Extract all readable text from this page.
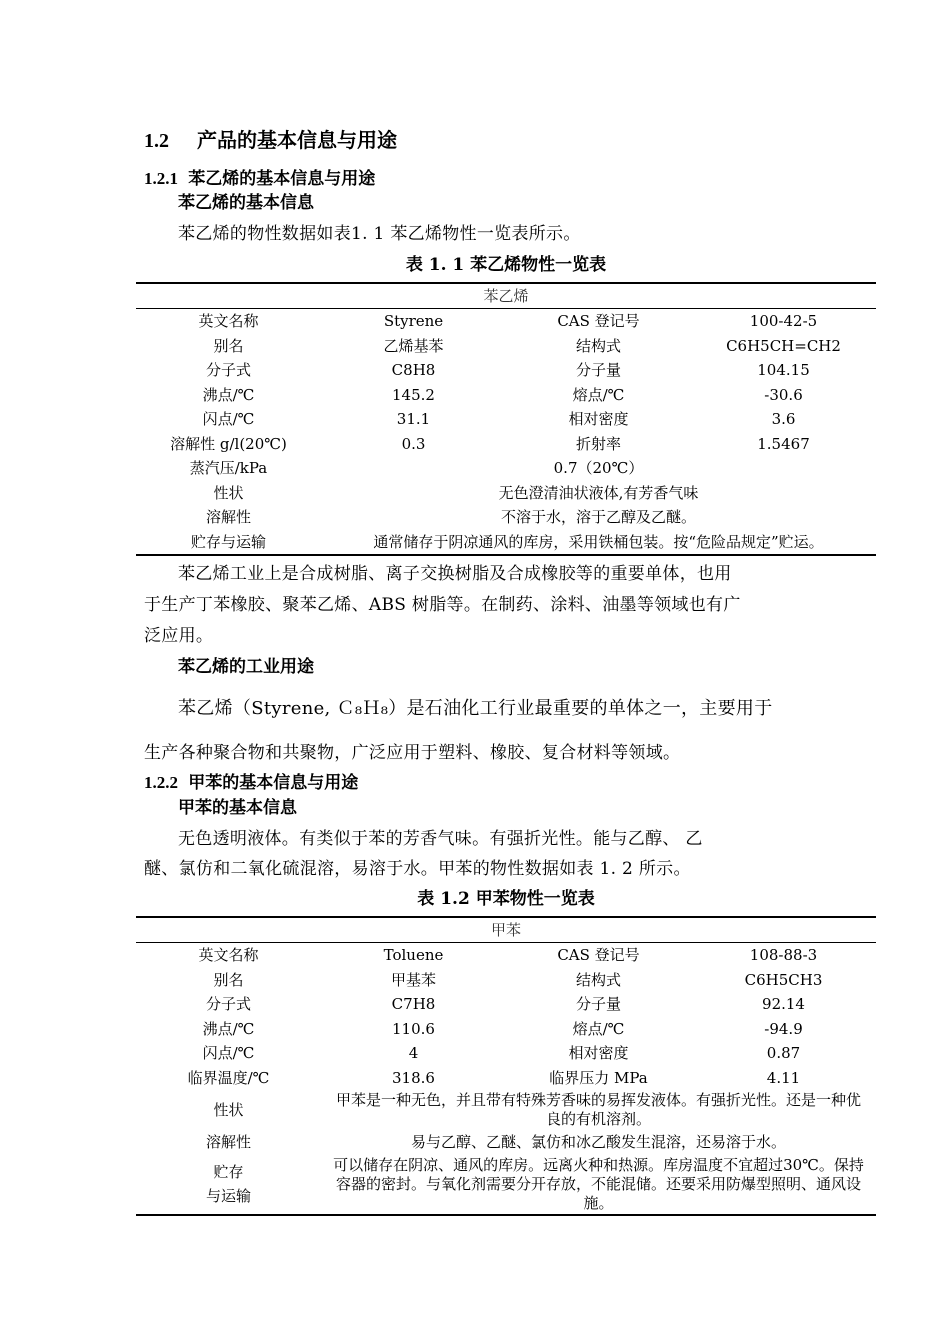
1.2 产品的基本信息与用途
1.2.1 苯乙烯的基本信息与用途
苯乙烯的基本信息
苯乙烯的物性数据如表1. 1 苯乙烯物性一览表所示。
表 1. 1 苯乙烯物性一览表
苯乙烯			
英文名称	Styrene	CAS 登记号	100-42-5
别名	乙烯基苯	结构式	C6H5CH=CH2
分子式	C8H8	分子量	104.15
沸点/℃	145.2	熔点/℃	-30.6
闪点/℃	31.1	相对密度	3.6
溶解性 g/l(20℃)	0.3	折射率	1.5467
蒸汽压/kPa	0.7（20℃）		
性状	无色澄清油状液体,有芳香气味		
溶解性	不溶于水，溶于乙醇及乙醚。		
贮存与运输	通常储存于阴凉通风的库房，采用铁桶包装。按“危险品规定”贮运。		
苯乙烯工业上是合成树脂、离子交换树脂及合成橡胶等的重要单体，也用
于生产丁苯橡胶、聚苯乙烯、ABS 树脂等。在制药、涂料、油墨等领域也有广
泛应用。
苯乙烯的工业用途
苯乙烯（Styrene, Ｃ₈Ｈ₈）是石油化工行业最重要的单体之一，主要用于
生产各种聚合物和共聚物，广泛应用于塑料、橡胶、复合材料等领域。
1.2.2 甲苯的基本信息与用途
甲苯的基本信息
无色透明液体。有类似于苯的芳香气味。有强折光性。能与乙醇、 乙
醚、氯仿和二氧化硫混溶，易溶于水。甲苯的物性数据如表 1. 2 所示。
表 1.2 甲苯物性一览表
甲苯			
英文名称	Toluene	CAS 登记号	108-88-3
别名	甲基苯	结构式	C6H5CH3
分子式	C7H8	分子量	92.14
沸点/℃	110.6	熔点/℃	-94.9
闪点/℃	4	相对密度	0.87
临界温度/℃	318.6	临界压力 MPa	4.11
性状	甲苯是一种无色，并且带有特殊芳香味的易挥发液体。有强折光性。还是一种优良的有机溶剂。		
溶解性	易与乙醇、乙醚、氯仿和冰乙酸发生混溶，还易溶于水。		
贮存
与运输	可以储存在阴凉、通风的库房。远离火种和热源。库房温度不宜超过30℃。保持容器的密封。与氧化剂需要分开存放，不能混储。还要采用防爆型照明、通风设施。		
